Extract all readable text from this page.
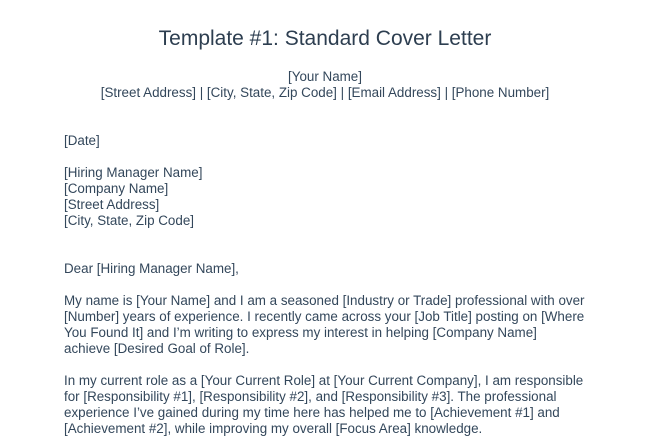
Template #1: Standard Cover Letter
[Your Name]
[Street Address] | [City, State, Zip Code] | [Email Address] | [Phone Number]
[Date]
[Hiring Manager Name]
[Company Name]
[Street Address]
[City, State, Zip Code]
Dear [Hiring Manager Name],
My name is [Your Name] and I am a seasoned [Industry or Trade] professional with over
[Number] years of experience. I recently came across your [Job Title] posting on [Where
You Found It] and I’m writing to express my interest in helping [Company Name]
achieve [Desired Goal of Role].
In my current role as a [Your Current Role] at [Your Current Company], I am responsible
for [Responsibility #1], [Responsibility #2], and [Responsibility #3]. The professional
experience I’ve gained during my time here has helped me to [Achievement #1] and
[Achievement #2], while improving my overall [Focus Area] knowledge.
